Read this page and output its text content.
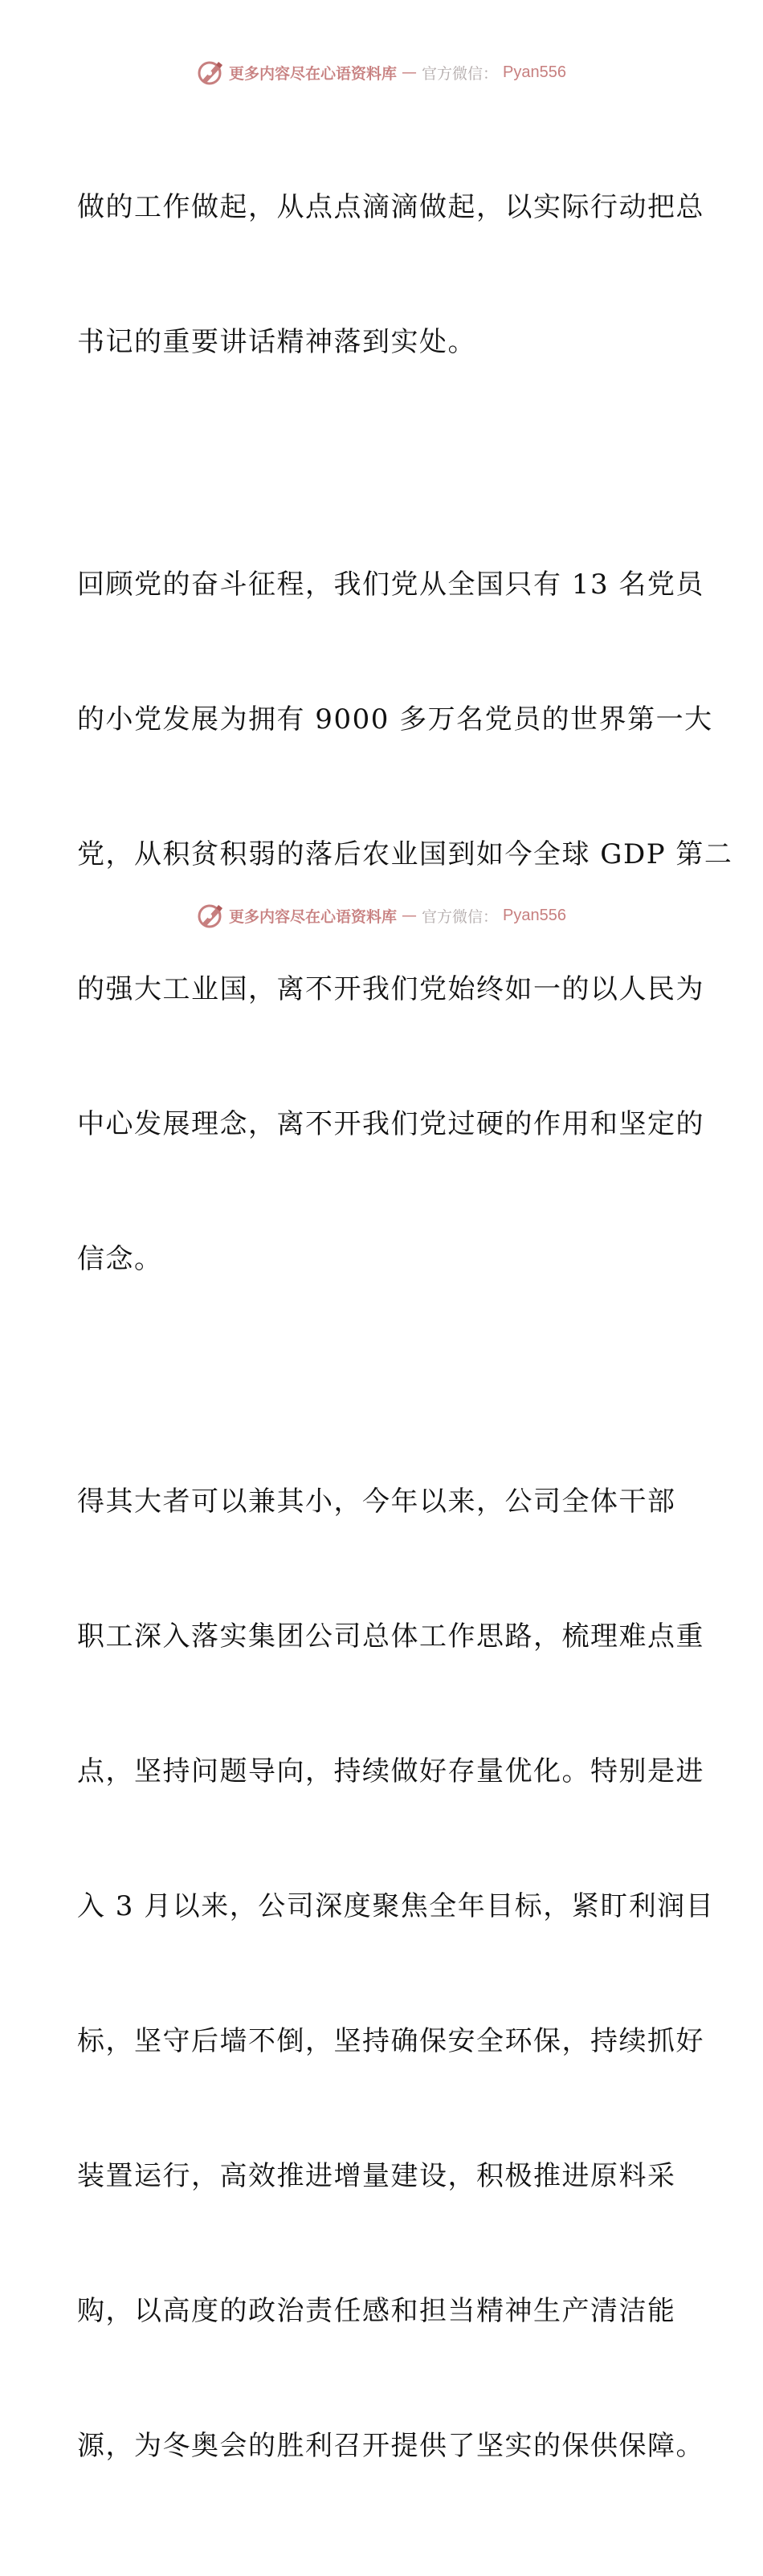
更多内容尽在心语资料库 — 官方微信： Pyan556

做的工作做起，从点点滴滴做起，以实际行动把总

书记的重要讲话精神落到实处。

回顾党的奋斗征程，我们党从全国只有 13 名党员

的小党发展为拥有 9000 多万名党员的世界第一大

党，从积贫积弱的落后农业国到如今全球 GDP 第二

的强大工业国，离不开我们党始终如一的以人民为

中心发展理念，离不开我们党过硬的作用和坚定的

信念。

得其大者可以兼其小，今年以来，公司全体干部

职工深入落实集团公司总体工作思路，梳理难点重

点，坚持问题导向，持续做好存量优化。特别是进

入 3 月以来，公司深度聚焦全年目标，紧盯利润目

标，坚守后墙不倒，坚持确保安全环保，持续抓好

装置运行，高效推进增量建设，积极推进原料采

购，以高度的政治责任感和担当精神生产清洁能

源，为冬奥会的胜利召开提供了坚实的保供保障。

更多内容尽在心语资料库 — 官方微信： Pyan556
